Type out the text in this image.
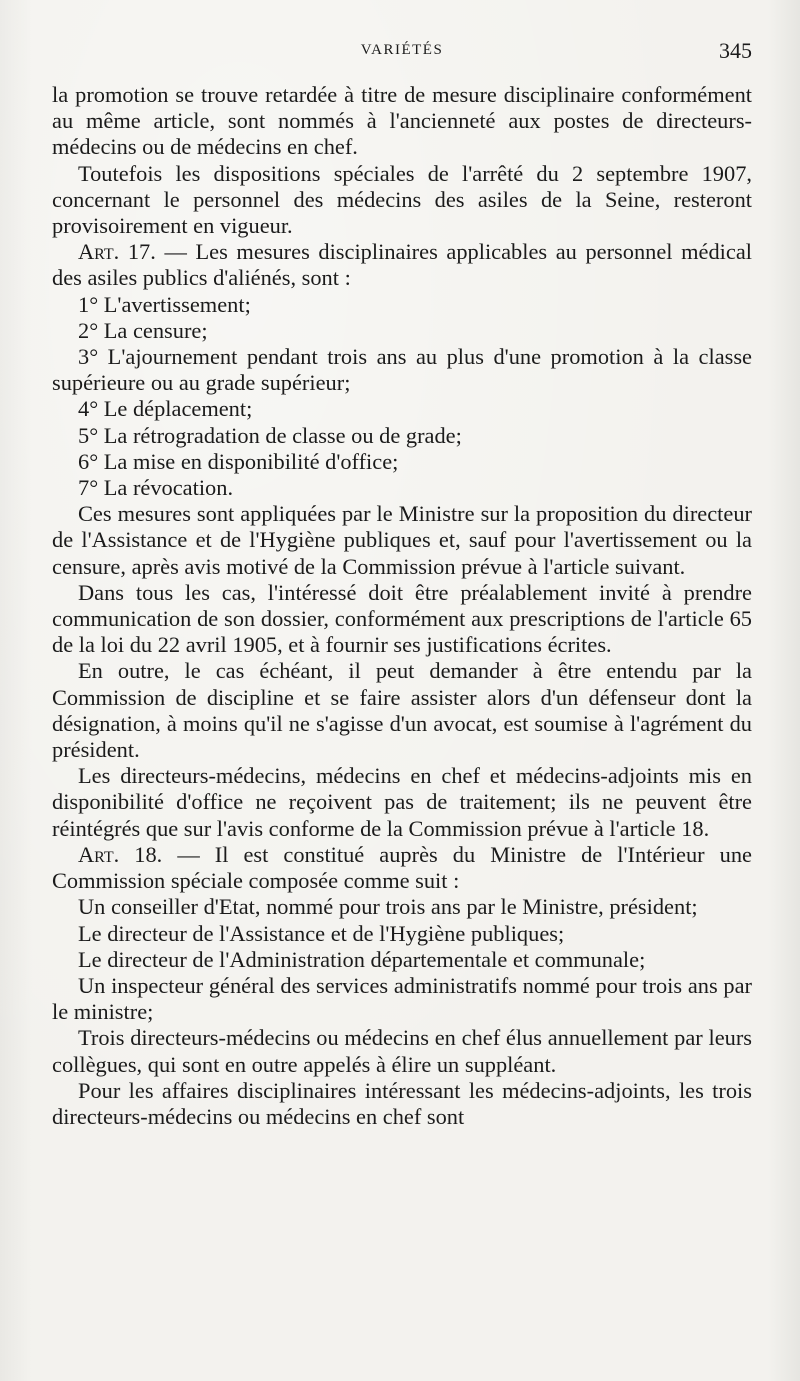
VARIÉTÉS	345

la promotion se trouve retardée à titre de mesure disciplinaire conformément au même article, sont nommés à l'ancienneté aux postes de directeurs-médecins ou de médecins en chef.

Toutefois les dispositions spéciales de l'arrêté du 2 septembre 1907, concernant le personnel des médecins des asiles de la Seine, resteront provisoirement en vigueur.

Art. 17. — Les mesures disciplinaires applicables au personnel médical des asiles publics d'aliénés, sont :

1° L'avertissement;

2° La censure;

3° L'ajournement pendant trois ans au plus d'une promotion à la classe supérieure ou au grade supérieur;

4° Le déplacement;

5° La rétrogradation de classe ou de grade;

6° La mise en disponibilité d'office;

7° La révocation.

Ces mesures sont appliquées par le Ministre sur la proposition du directeur de l'Assistance et de l'Hygiène publiques et, sauf pour l'avertissement ou la censure, après avis motivé de la Commission prévue à l'article suivant.

Dans tous les cas, l'intéressé doit être préalablement invité à prendre communication de son dossier, conformément aux prescriptions de l'article 65 de la loi du 22 avril 1905, et à fournir ses justifications écrites.

En outre, le cas échéant, il peut demander à être entendu par la Commission de discipline et se faire assister alors d'un défenseur dont la désignation, à moins qu'il ne s'agisse d'un avocat, est soumise à l'agrément du président.

Les directeurs-médecins, médecins en chef et médecins-adjoints mis en disponibilité d'office ne reçoivent pas de traitement; ils ne peuvent être réintégrés que sur l'avis conforme de la Commission prévue à l'article 18.

Art. 18. — Il est constitué auprès du Ministre de l'Intérieur une Commission spéciale composée comme suit :

Un conseiller d'Etat, nommé pour trois ans par le Ministre, président;

Le directeur de l'Assistance et de l'Hygiène publiques;

Le directeur de l'Administration départementale et communale;

Un inspecteur général des services administratifs nommé pour trois ans par le ministre;

Trois directeurs-médecins ou médecins en chef élus annuellement par leurs collègues, qui sont en outre appelés à élire un suppléant.

Pour les affaires disciplinaires intéressant les médecins-adjoints, les trois directeurs-médecins ou médecins en chef sont
